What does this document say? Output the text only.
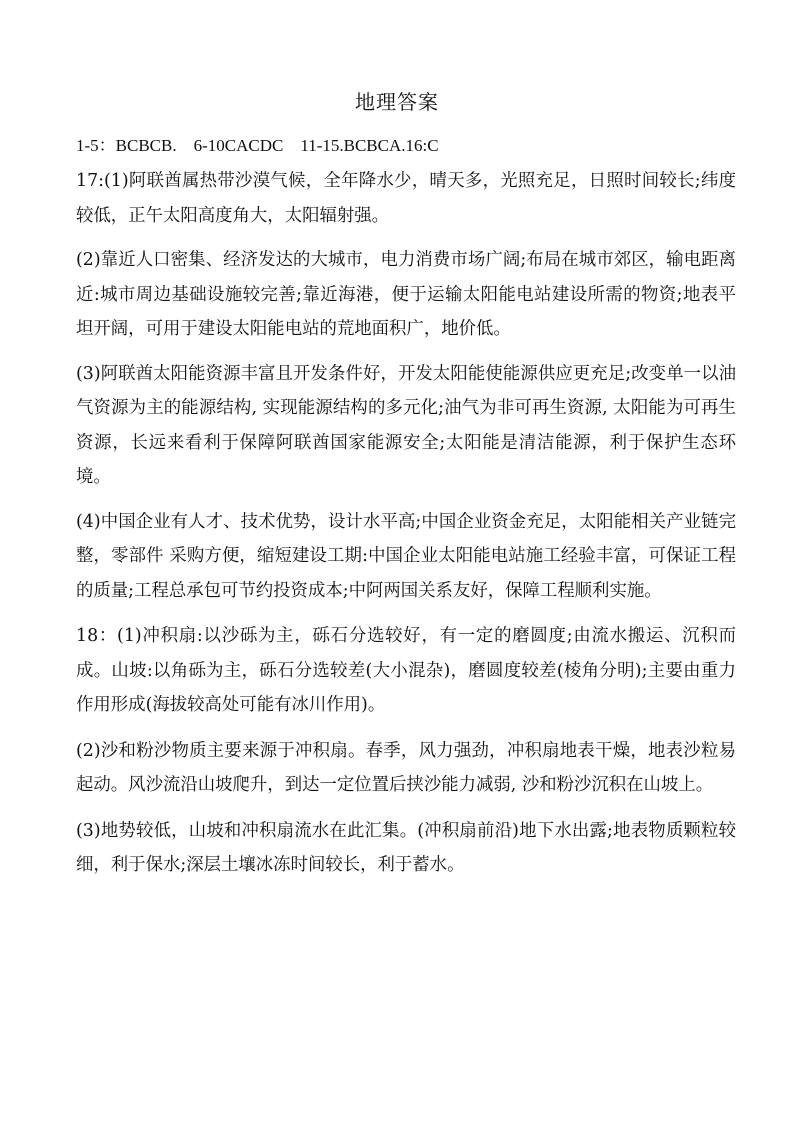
地理答案
1-5：BCBCB.    6-10CACDC    11-15.BCBCA.16:C

17:(1)阿联酋属热带沙漠气候，全年降水少，晴天多，光照充足，日照时间较长;纬度较低，正午太阳高度角大，太阳辐射强。

(2)靠近人口密集、经济发达的大城市，电力消费市场广阔;布局在城市郊区，输电距离近:城市周边基础设施较完善;靠近海港，便于运输太阳能电站建设所需的物资;地表平坦开阔，可用于建设太阳能电站的荒地面积广，地价低。

(3)阿联酋太阳能资源丰富且开发条件好，开发太阳能使能源供应更充足;改变单一以油气资源为主的能源结构, 实现能源结构的多元化;油气为非可再生资源, 太阳能为可再生资源，长远来看利于保障阿联酋国家能源安全;太阳能是清洁能源，利于保护生态环境。

(4)中国企业有人才、技术优势，设计水平高;中国企业资金充足，太阳能相关产业链完整，零部件 采购方便，缩短建设工期:中国企业太阳能电站施工经验丰富，可保证工程的质量;工程总承包可节约投资成本;中阿两国关系友好，保障工程顺利实施。

18：(1)冲积扇:以沙砾为主，砾石分选较好，有一定的磨圆度;由流水搬运、沉积而成。山坡:以角砾为主，砾石分选较差(大小混杂)，磨圆度较差(棱角分明);主要由重力作用形成(海拔较高处可能有冰川作用)。

(2)沙和粉沙物质主要来源于冲积扇。春季，风力强劲，冲积扇地表干燥，地表沙粒易起动。风沙流沿山坡爬升，到达一定位置后挟沙能力减弱, 沙和粉沙沉积在山坡上。

(3)地势较低，山坡和冲积扇流水在此汇集。(冲积扇前沿)地下水出露;地表物质颗粒较细，利于保水;深层土壤冰冻时间较长，利于蓄水。
